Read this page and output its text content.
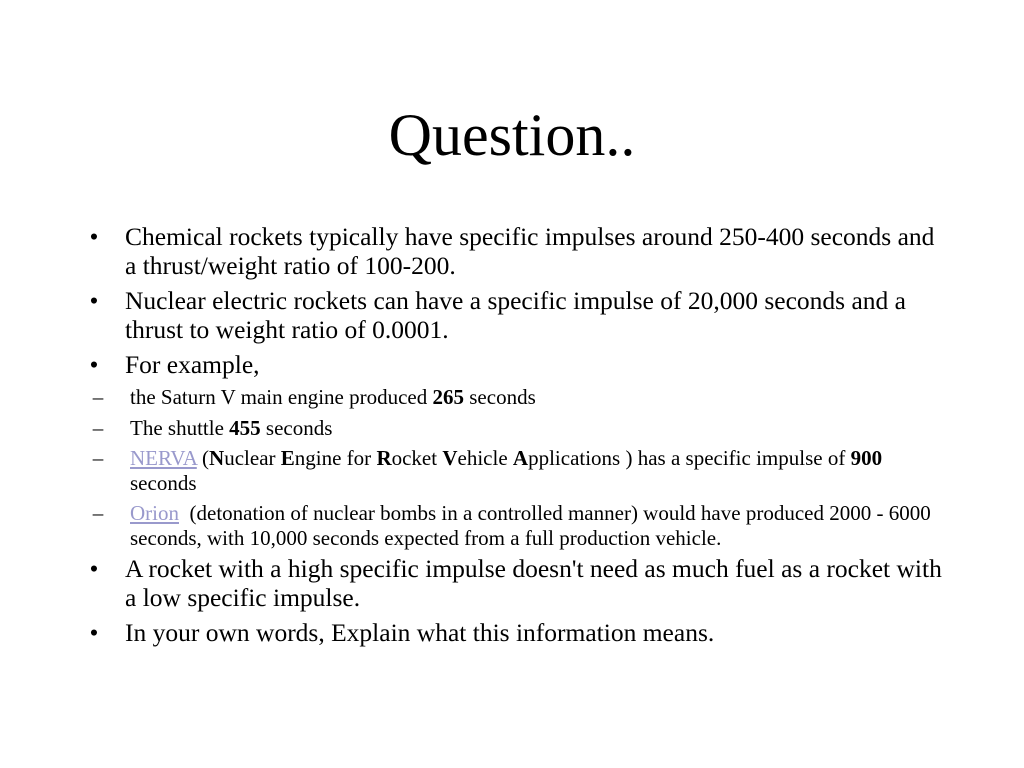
Question..
• Chemical rockets typically have specific impulses around 250-400 seconds and a thrust/weight ratio of 100-200.
• Nuclear electric rockets can have a specific impulse of 20,000 seconds and a thrust to weight ratio of 0.0001.
• For example,
–	the Saturn V main engine produced 265 seconds
–	The shuttle 455 seconds
–	NERVA (Nuclear Engine for Rocket Vehicle Applications ) has a specific impulse of 900 seconds
–	Orion  (detonation of nuclear bombs in a controlled manner) would have produced 2000 - 6000 seconds, with 10,000 seconds expected from a full production vehicle.
• A rocket with a high specific impulse doesn't need as much fuel as a rocket with a low specific impulse.
• In your own words, Explain what this information means.
